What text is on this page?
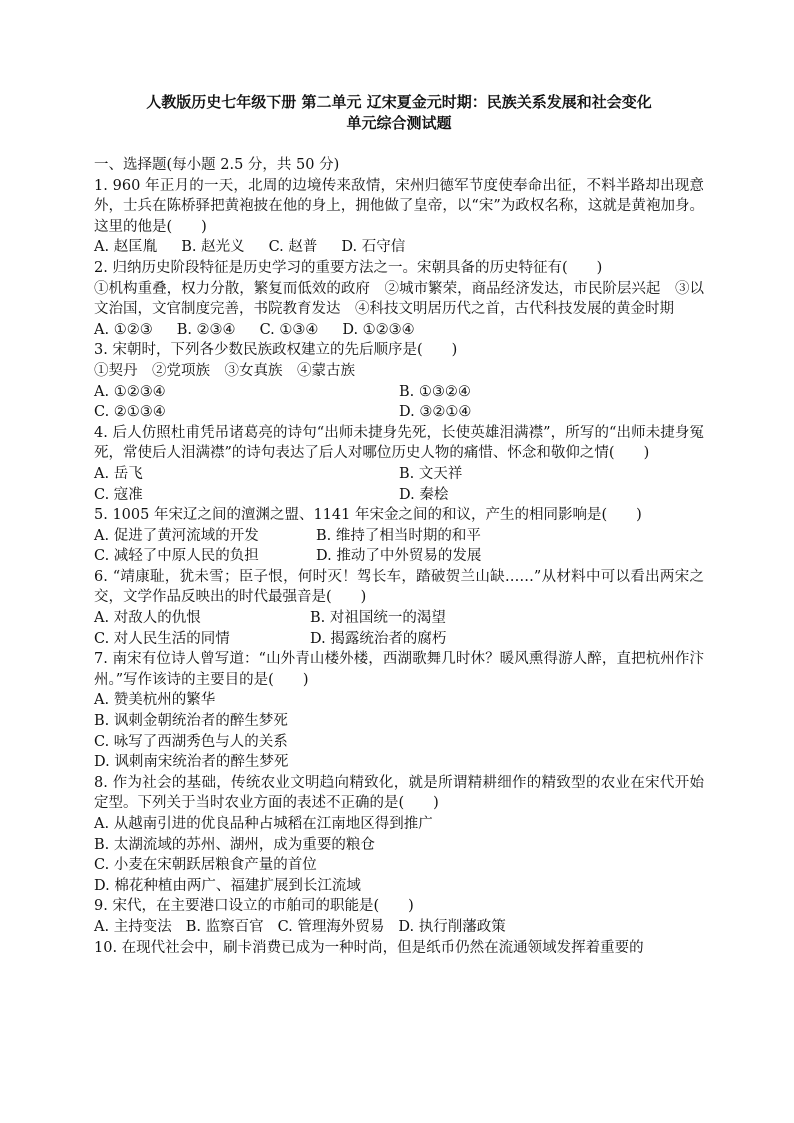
人教版历史七年级下册 第二单元 辽宋夏金元时期：民族关系发展和社会变化
单元综合测试题

一、选择题(每小题 2.5 分，共 50 分)

1. 960 年正月的一天，北周的边境传来敌情，宋州归德军节度使奉命出征，不料半路却出现意外，士兵在陈桥驿把黄袍披在他的身上，拥他做了皇帝，以“宋”为政权名称，这就是黄袍加身。这里的他是(　　)

A. 赵匡胤 B. 赵光义 C. 赵普 D. 石守信

2. 归纳历史阶段特征是历史学习的重要方法之一。宋朝具备的历史特征有(　　)

①机构重叠，权力分散，繁复而低效的政府　②城市繁荣，商品经济发达，市民阶层兴起　③以文治国，文官制度完善，书院教育发达　④科技文明居历代之首，古代科技发展的黄金时期

A. ①②③ B. ②③④ C. ①③④ D. ①②③④

3. 宋朝时，下列各少数民族政权建立的先后顺序是(　　)

①契丹　②党项族　③女真族　④蒙古族

A. ①②③④	B. ①③②④
C. ②①③④	D. ③②①④

4. 后人仿照杜甫凭吊诸葛亮的诗句“出师未捷身先死，长使英雄泪满襟”，所写的“出师未捷身冤死，常使后人泪满襟”的诗句表达了后人对哪位历史人物的痛惜、怀念和敬仰之情(　　)

A. 岳飞	B. 文天祥
C. 寇准	D. 秦桧

5. 1005 年宋辽之间的澶渊之盟、1141 年宋金之间的和议，产生的相同影响是(　　)

A. 促进了黄河流域的开发	B. 维持了相当时期的和平
C. 减轻了中原人民的负担	D. 推动了中外贸易的发展

6. “靖康耻，犹未雪；臣子恨，何时灭！驾长车，踏破贺兰山缺……”从材料中可以看出两宋之交，文学作品反映出的时代最强音是(　　)

A. 对敌人的仇恨	B. 对祖国统一的渴望
C. 对人民生活的同情	D. 揭露统治者的腐朽

7. 南宋有位诗人曾写道：“山外青山楼外楼，西湖歌舞几时休？暖风熏得游人醉，直把杭州作汴州。”写作该诗的主要目的是(　　)

A. 赞美杭州的繁华
B. 讽刺金朝统治者的醉生梦死
C. 咏写了西湖秀色与人的关系
D. 讽刺南宋统治者的醉生梦死

8. 作为社会的基础，传统农业文明趋向精致化，就是所谓精耕细作的精致型的农业在宋代开始定型。下列关于当时农业方面的表述不正确的是(　　)

A. 从越南引进的优良品种占城稻在江南地区得到推广
B. 太湖流域的苏州、湖州，成为重要的粮仓
C. 小麦在宋朝跃居粮食产量的首位
D. 棉花种植由两广、福建扩展到长江流域

9. 宋代，在主要港口设立的市舶司的职能是(　　)

A. 主持变法 B. 监察百官 C. 管理海外贸易 D. 执行削藩政策

10. 在现代社会中，刷卡消费已成为一种时尚，但是纸币仍然在流通领域发挥着重要的
